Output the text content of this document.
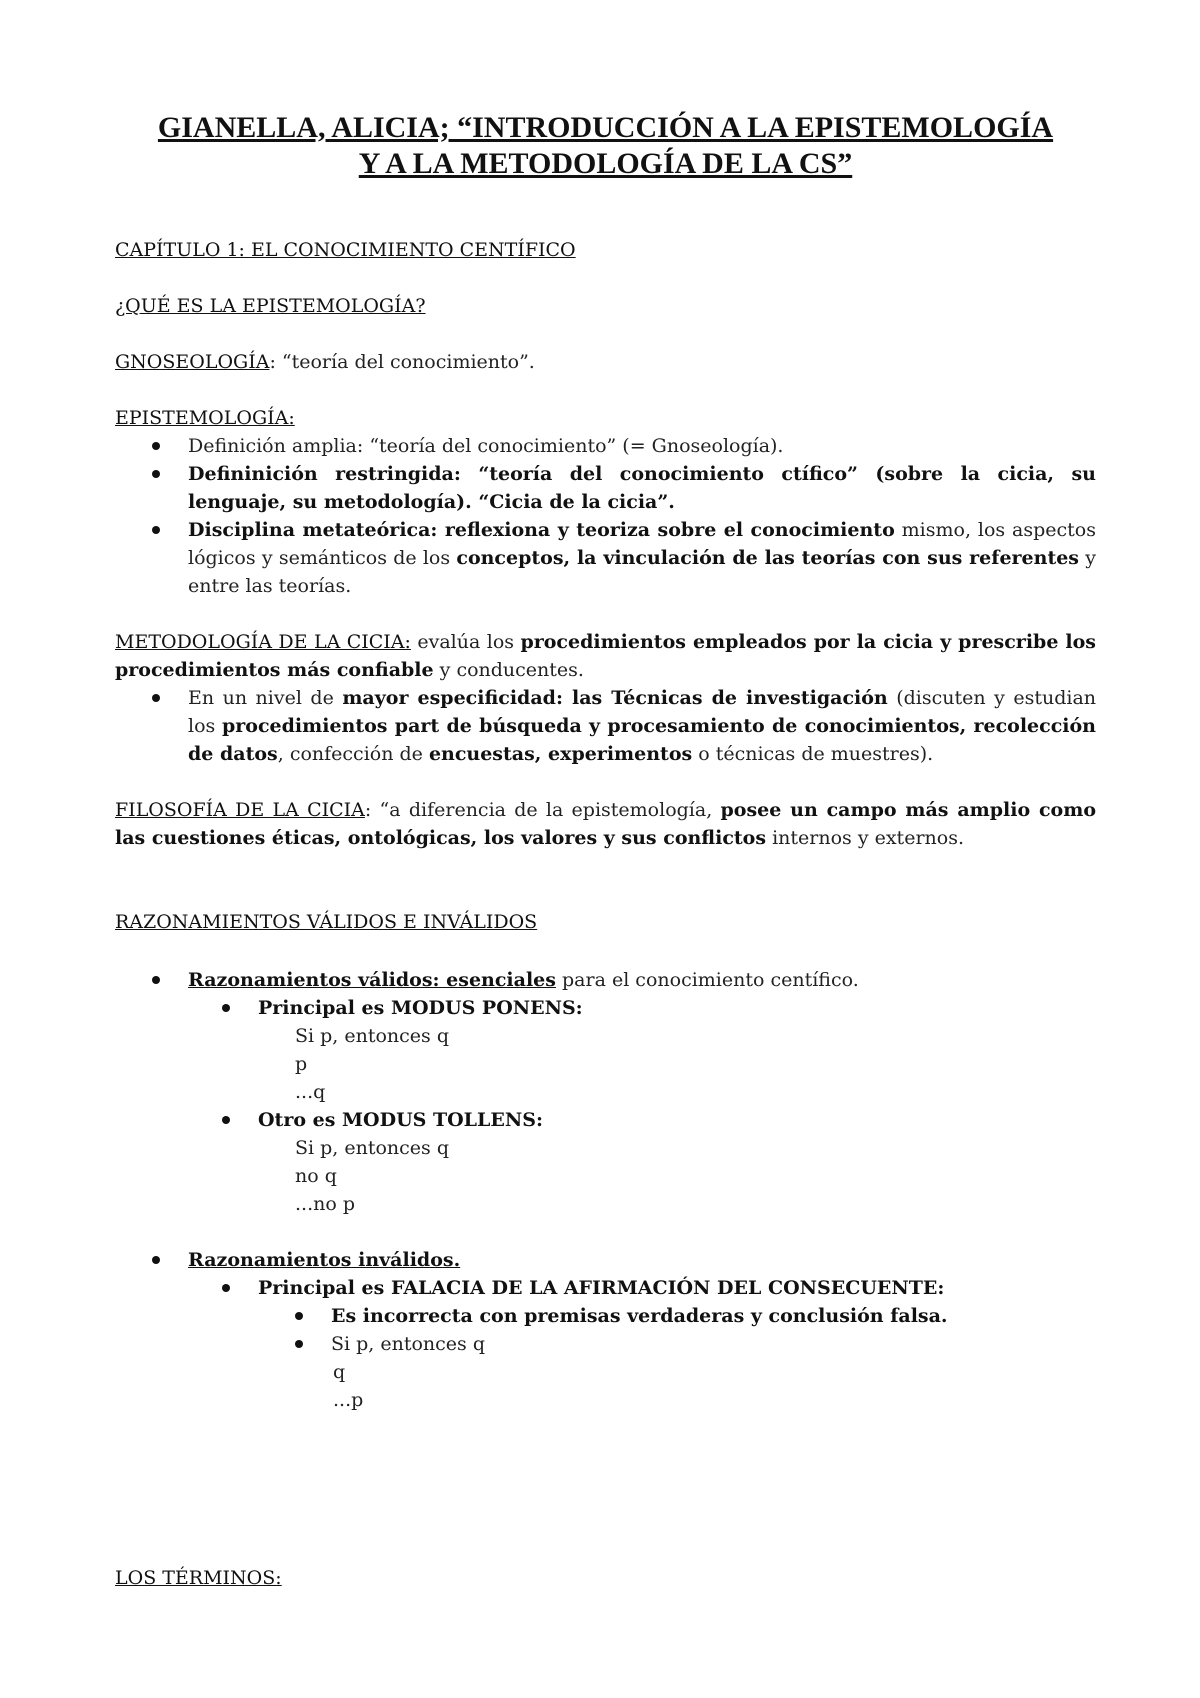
GIANELLA, ALICIA; “INTRODUCCIÓN A LA EPISTEMOLOGÍA
Y A LA METODOLOGÍA DE LA CS”
CAPÍTULO 1: EL CONOCIMIENTO CENTÍFICO
¿QUÉ ES LA EPISTEMOLOGÍA?

GNOSEOLOGÍA: “teoría del conocimiento”.

EPISTEMOLOGÍA:
Definición amplia: “teoría del conocimiento” (= Gnoseología).

Defininición restringida: “teoría del conocimiento ctífico” (sobre la cicia, su lenguaje, su metodología). “Cicia de la cicia”.

Disciplina metateórica: reflexiona y teoriza sobre el conocimiento mismo, los aspectos lógicos y semánticos de los conceptos, la vinculación de las teorías con sus referentes y entre las teorías.

METODOLOGÍA DE LA CICIA: evalúa los procedimientos empleados por la cicia y prescribe los procedimientos más confiable y conducentes.

En un nivel de mayor especificidad: las Técnicas de investigación (discuten y estudian los procedimientos part de búsqueda y procesamiento de conocimientos, recolección de datos, confección de encuestas, experimentos o técnicas de muestres).

FILOSOFÍA DE LA CICIA: “a diferencia de la epistemología, posee un campo más amplio como las cuestiones éticas, ontológicas, los valores y sus conflictos internos y externos.

RAZONAMIENTOS VÁLIDOS E INVÁLIDOS
Razonamientos válidos: esenciales para el conocimiento centífico.
Principal es MODUS PONENS:
Si p, entonces q
p
...q
Otro es MODUS TOLLENS:
Si p, entonces q
no q
...no p
Razonamientos inválidos.
Principal es FALACIA DE LA AFIRMACIÓN DEL CONSECUENTE:
Es incorrecta con premisas verdaderas y conclusión falsa.
Si p, entonces q
q
...p
LOS TÉRMINOS:
